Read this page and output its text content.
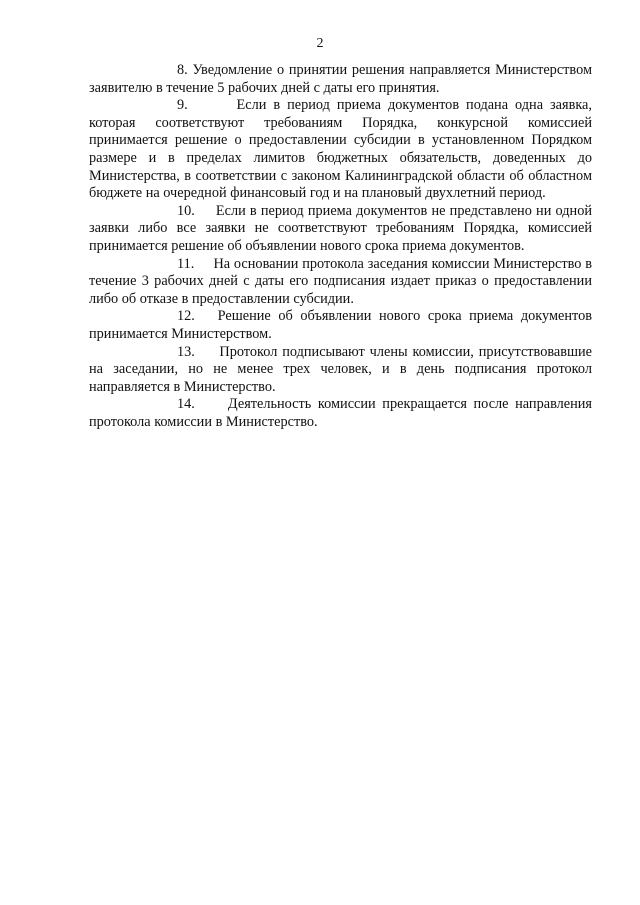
2

8. Уведомление о принятии решения направляется Министерством заявителю в течение 5 рабочих дней с даты его принятия.

9.	Если в период приема документов подана одна заявка, которая соответствуют требованиям Порядка, конкурсной комиссией принимается решение о предоставлении субсидии в установленном Порядком размере и в пределах лимитов бюджетных обязательств, доведенных до Министерства, в соответствии с законом Калининградской области об областном бюджете на очередной финансовый год и на плановый двухлетний период.

10. Если в период приема документов не представлено ни одной заявки либо все заявки не соответствуют требованиям Порядка, комиссией принимается решение об объявлении нового срока приема документов.

11. На основании протокола заседания комиссии Министерство в течение 3 рабочих дней с даты его подписания издает приказ о предоставлении либо об отказе в предоставлении субсидии.

12. Решение об объявлении нового срока приема документов принимается Министерством.

13. Протокол подписывают члены комиссии, присутствовавшие на заседании, но не менее трех человек, и в день подписания протокол направляется в Министерство.

14. Деятельность комиссии прекращается после направления протокола комиссии в Министерство.
